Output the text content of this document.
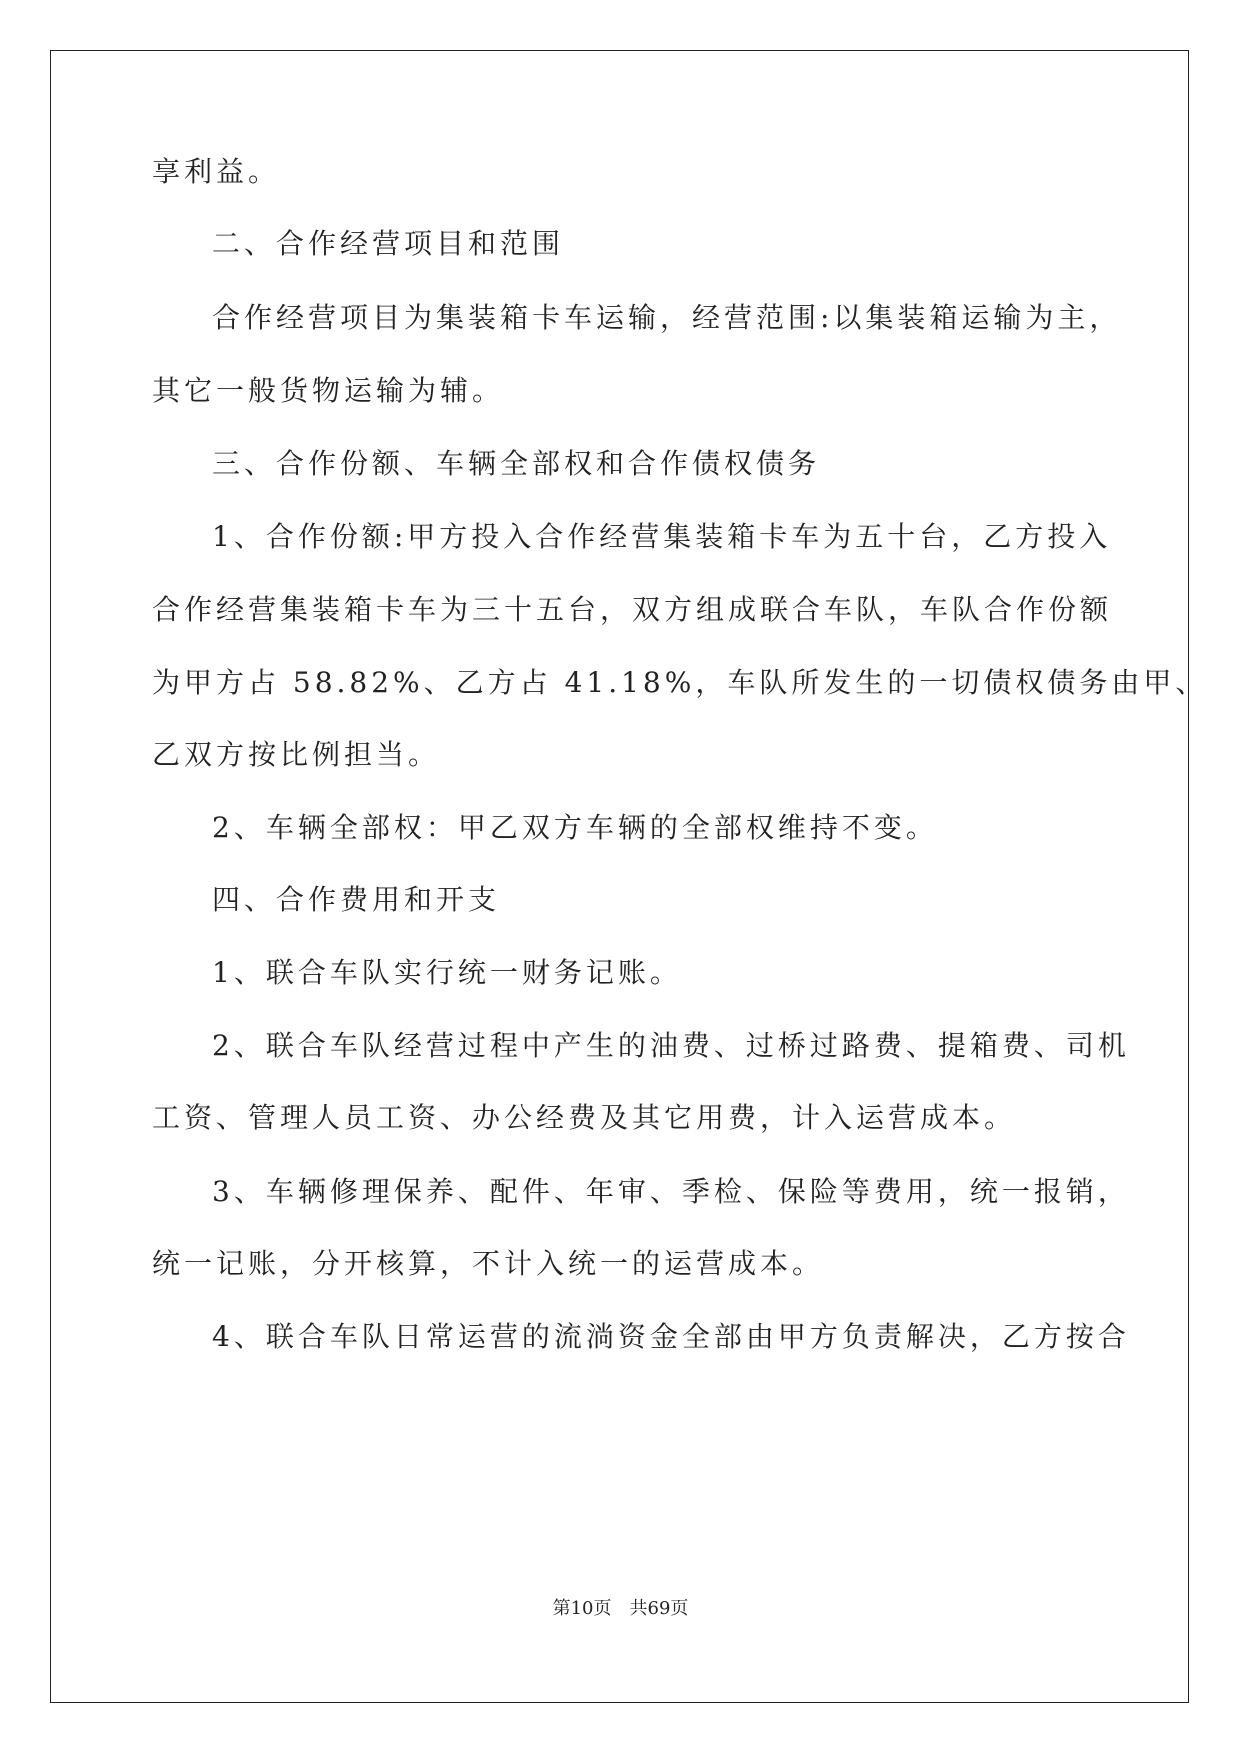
享利益。
二、合作经营项目和范围
合作经营项目为集装箱卡车运输，经营范围:以集装箱运输为主，
其它一般货物运输为辅。
三、合作份额、车辆全部权和合作债权债务
1、合作份额:甲方投入合作经营集装箱卡车为五十台，乙方投入
合作经营集装箱卡车为三十五台，双方组成联合车队，车队合作份额
为甲方占 58.82%、乙方占 41.18%，车队所发生的一切债权债务由甲、
乙双方按比例担当。
2、车辆全部权：甲乙双方车辆的全部权维持不变。
四、合作费用和开支
1、联合车队实行统一财务记账。
2、联合车队经营过程中产生的油费、过桥过路费、提箱费、司机
工资、管理人员工资、办公经费及其它用费，计入运营成本。
3、车辆修理保养、配件、年审、季检、保险等费用，统一报销，
统一记账，分开核算，不计入统一的运营成本。
4、联合车队日常运营的流淌资金全部由甲方负责解决，乙方按合
第10页 共69页
